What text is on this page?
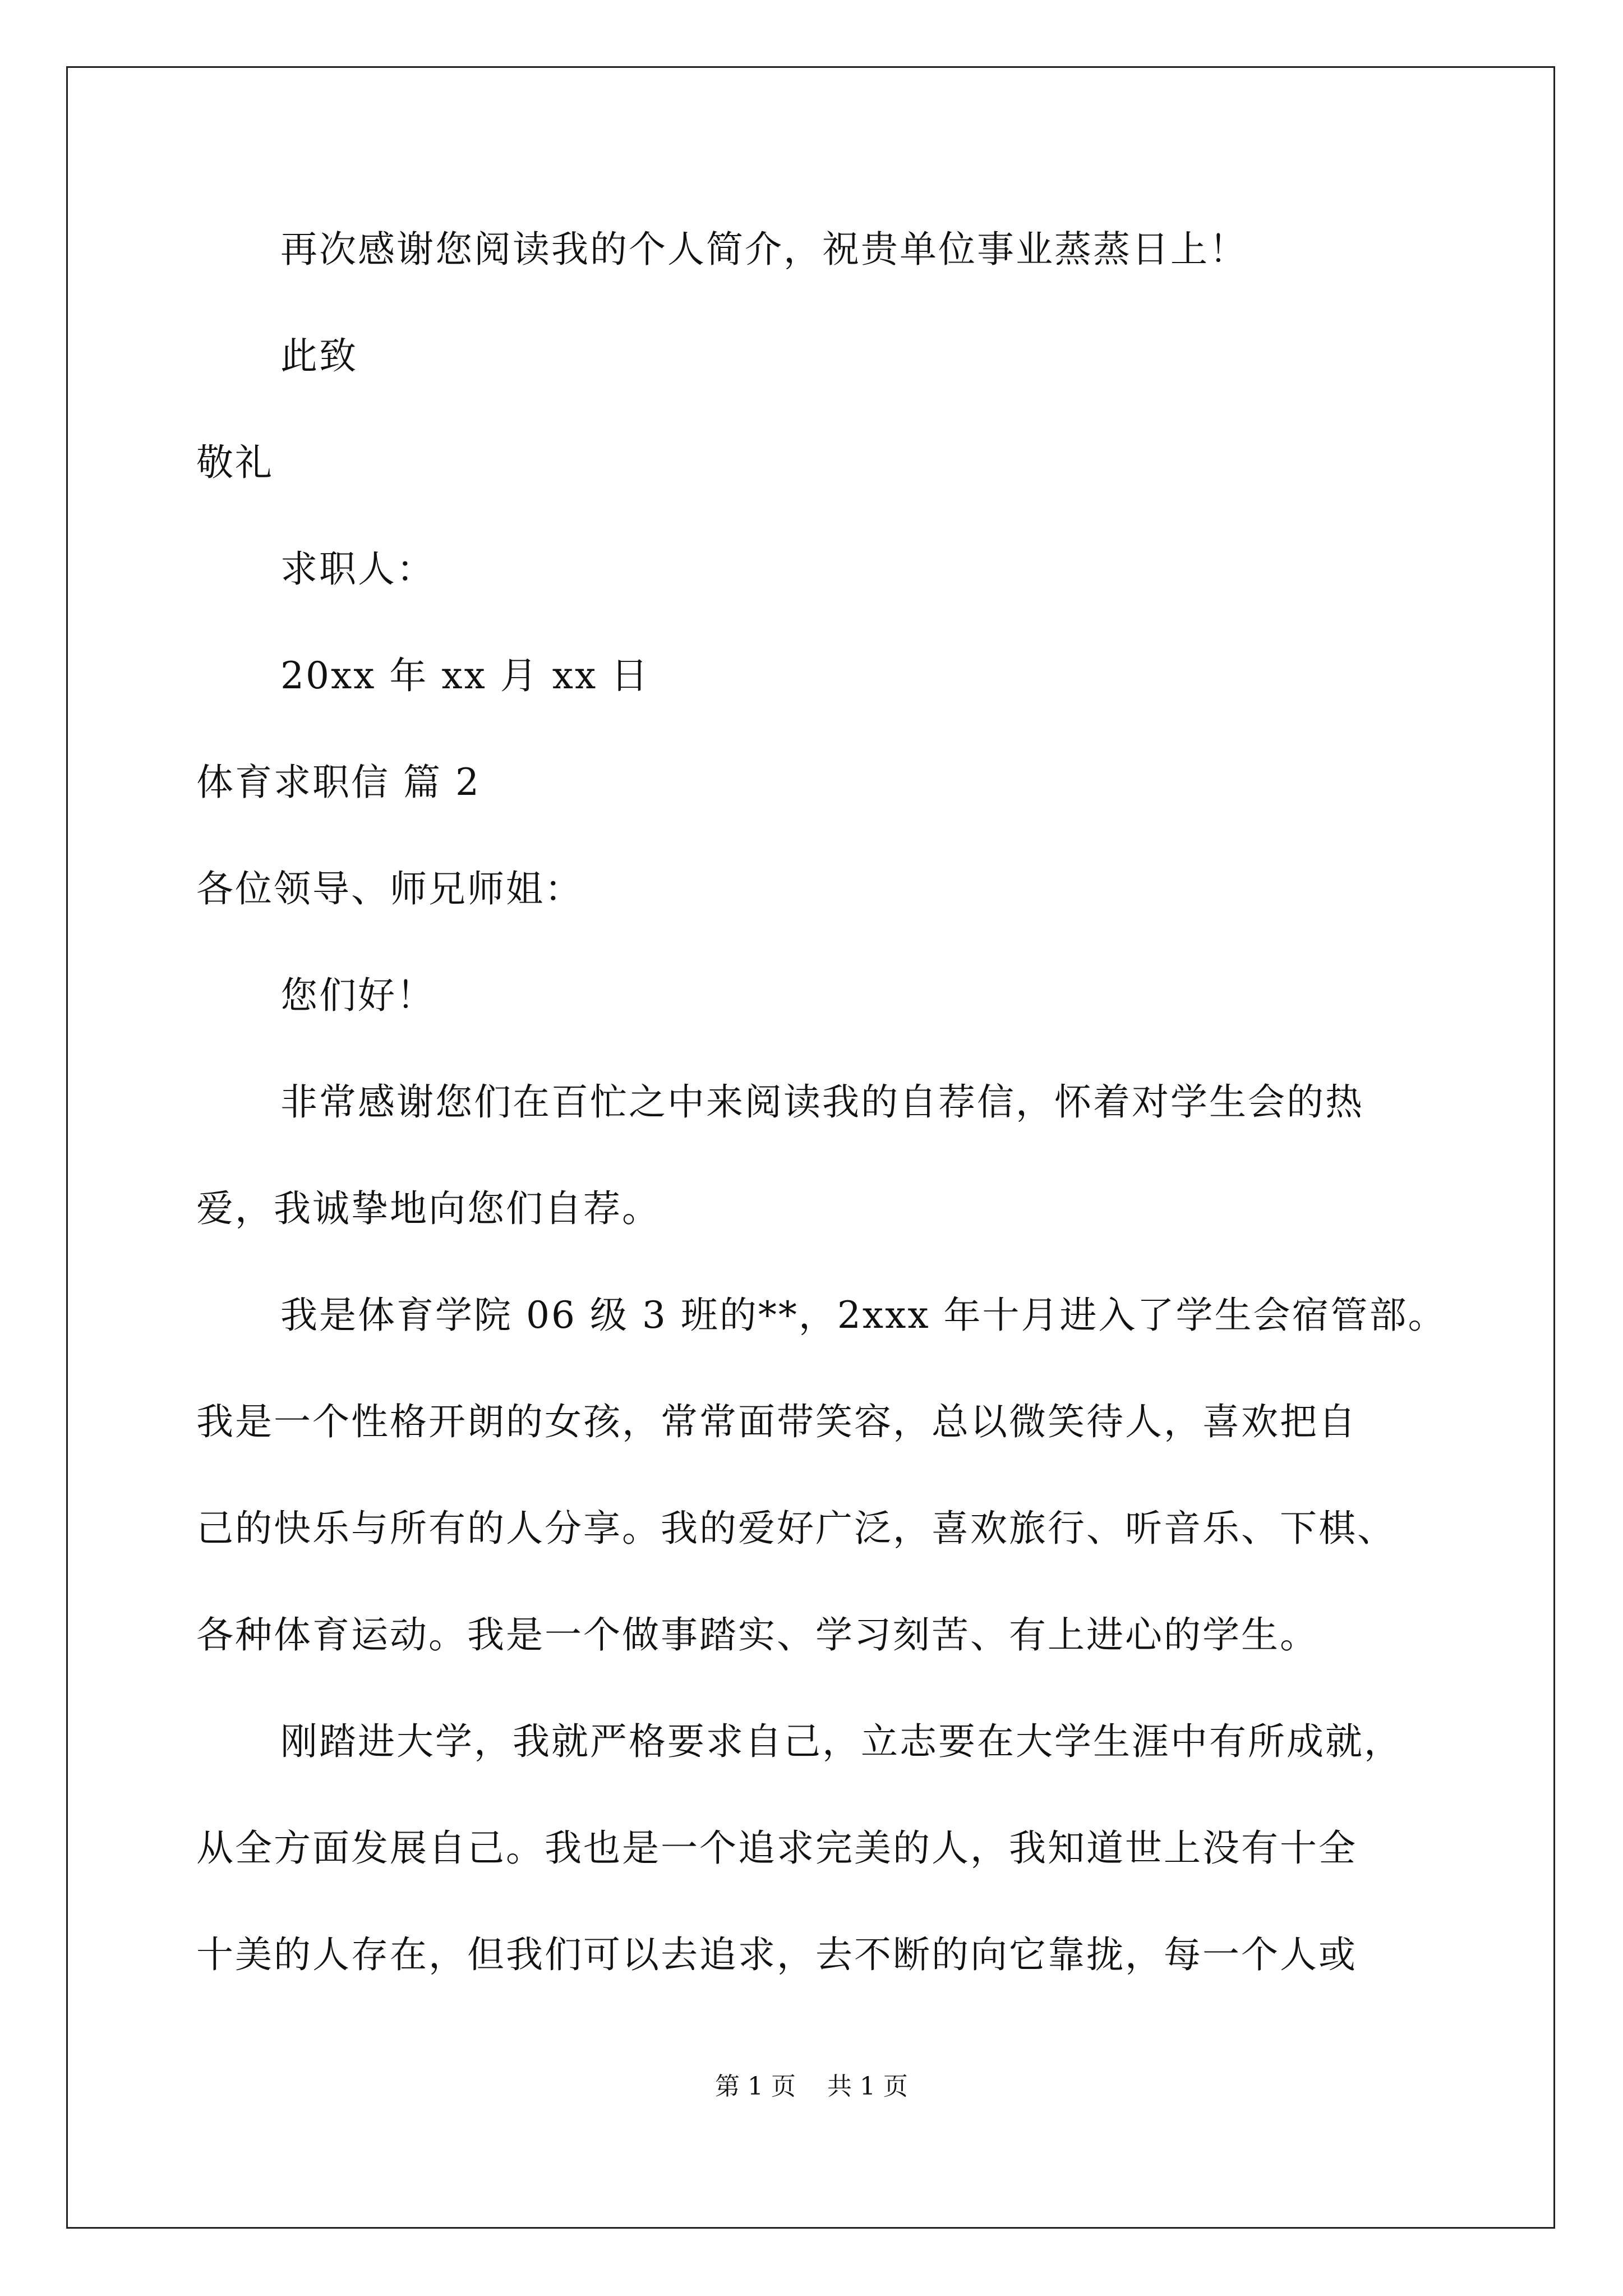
再次感谢您阅读我的个人简介，祝贵单位事业蒸蒸日上！
此致
敬礼
求职人：
20xx 年 xx 月 xx 日
体育求职信 篇 2
各位领导、师兄师姐：
您们好！
非常感谢您们在百忙之中来阅读我的自荐信，怀着对学生会的热
爱，我诚挚地向您们自荐。
我是体育学院 06 级 3 班的**，2xxx 年十月进入了学生会宿管部。
我是一个性格开朗的女孩，常常面带笑容，总以微笑待人，喜欢把自
己的快乐与所有的人分享。我的爱好广泛，喜欢旅行、听音乐、下棋、
各种体育运动。我是一个做事踏实、学习刻苦、有上进心的学生。
刚踏进大学，我就严格要求自己，立志要在大学生涯中有所成就，
从全方面发展自己。我也是一个追求完美的人，我知道世上没有十全
十美的人存在，但我们可以去追求，去不断的向它靠拢，每一个人或
第 1 页    共 1 页
